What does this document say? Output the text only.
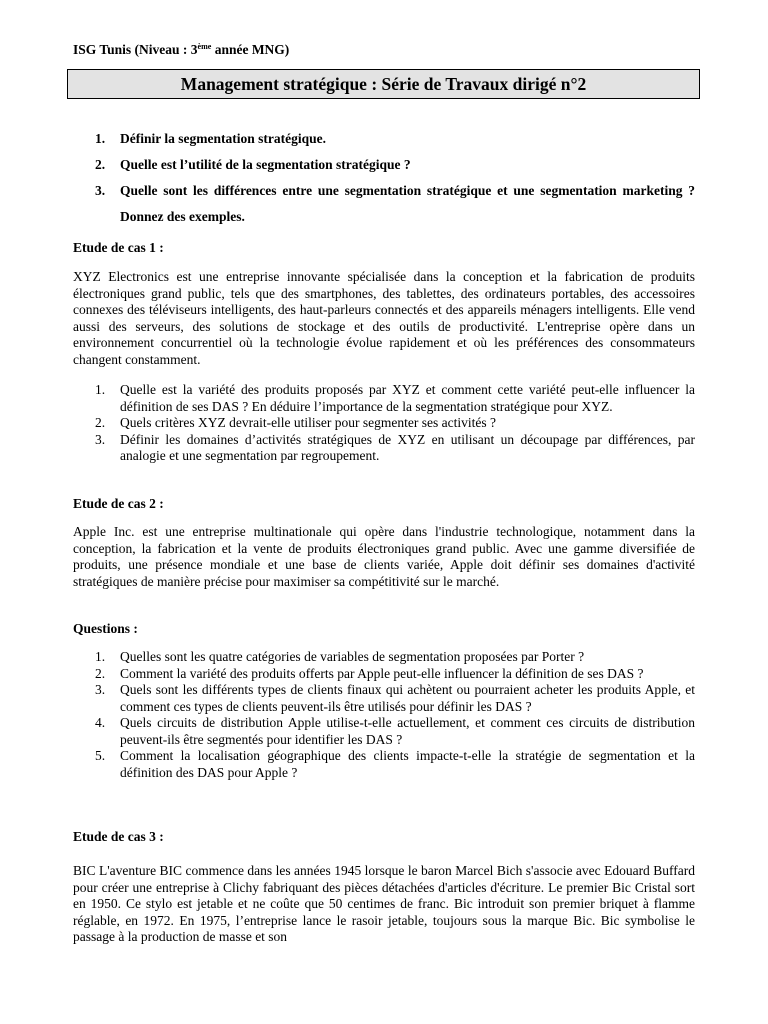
ISG Tunis (Niveau : 3ème année MNG)
Management stratégique : Série de Travaux dirigé n°2
1. Définir la segmentation stratégique.
2. Quelle est l’utilité de la segmentation stratégique ?
3. Quelle sont les différences entre une segmentation stratégique et une segmentation marketing ? Donnez des exemples.
Etude de cas 1 :
XYZ Electronics est une entreprise innovante spécialisée dans la conception et la fabrication de produits électroniques grand public, tels que des smartphones, des tablettes, des ordinateurs portables, des accessoires connexes des téléviseurs intelligents, des haut-parleurs connectés et des appareils ménagers intelligents. Elle vend aussi des serveurs, des solutions de stockage et des outils de productivité. L'entreprise opère dans un environnement concurrentiel où la technologie évolue rapidement et où les préférences des consommateurs changent constamment.
1. Quelle est la variété des produits proposés par XYZ et comment cette variété peut-elle influencer la définition de ses DAS ? En déduire l’importance de la segmentation stratégique pour XYZ.
2. Quels critères XYZ devrait-elle utiliser pour segmenter ses activités ?
3. Définir les domaines d’activités stratégiques de XYZ en utilisant un découpage par différences, par analogie et une segmentation par regroupement.
Etude de cas 2 :
Apple Inc. est une entreprise multinationale qui opère dans l'industrie technologique, notamment dans la conception, la fabrication et la vente de produits électroniques grand public. Avec une gamme diversifiée de produits, une présence mondiale et une base de clients variée, Apple doit définir ses domaines d'activité stratégiques de manière précise pour maximiser sa compétitivité sur le marché.
Questions :
1. Quelles sont les quatre catégories de variables de segmentation proposées par Porter ?
2. Comment la variété des produits offerts par Apple peut-elle influencer la définition de ses DAS ?
3. Quels sont les différents types de clients finaux qui achètent ou pourraient acheter les produits Apple, et comment ces types de clients peuvent-ils être utilisés pour définir les DAS ?
4. Quels circuits de distribution Apple utilise-t-elle actuellement, et comment ces circuits de distribution peuvent-ils être segmentés pour identifier les DAS ?
5. Comment la localisation géographique des clients impacte-t-elle la stratégie de segmentation et la définition des DAS pour Apple ?
Etude de cas 3 :
BIC L'aventure BIC commence dans les années 1945 lorsque le baron Marcel Bich s'associe avec Edouard Buffard pour créer une entreprise à Clichy fabriquant des pièces détachées d'articles d'écriture. Le premier Bic Cristal sort en 1950. Ce stylo est jetable et ne coûte que 50 centimes de franc. Bic introduit son premier briquet à flamme réglable, en 1972. En 1975, l’entreprise lance le rasoir jetable, toujours sous la marque Bic. Bic symbolise le passage à la production de masse et son
